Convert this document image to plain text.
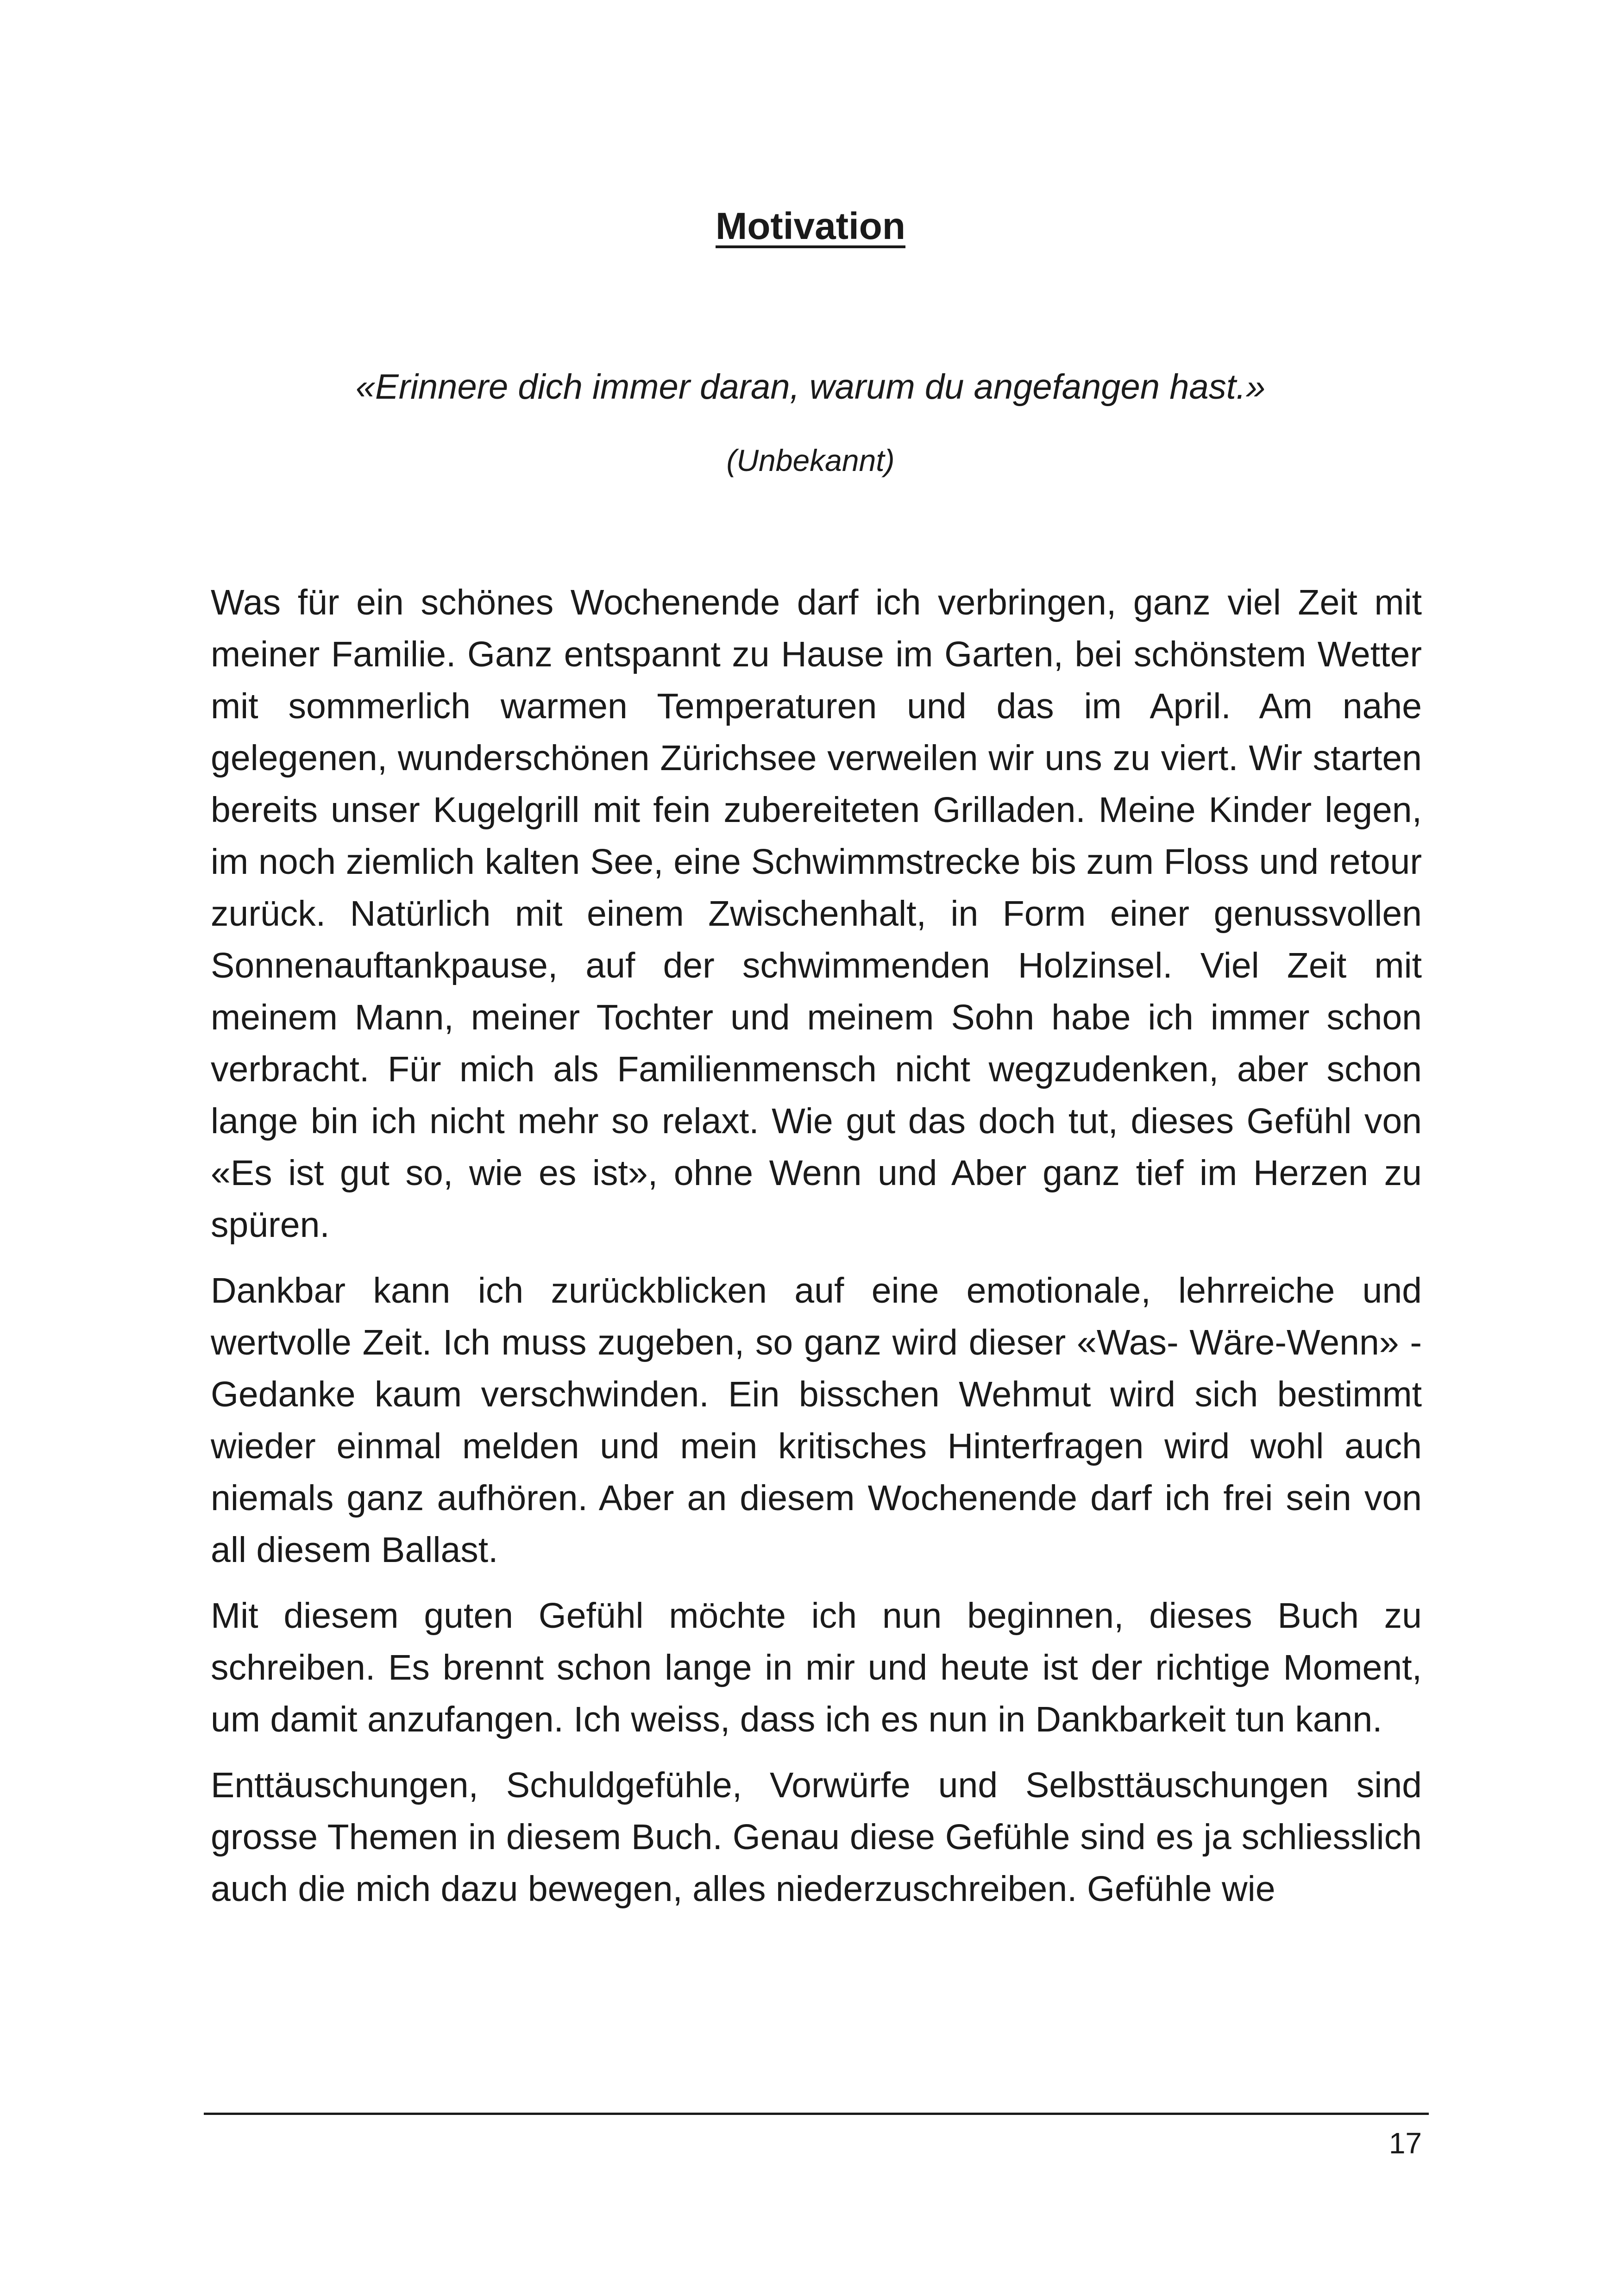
Motivation
«Erinnere dich immer daran, warum du angefangen hast.»
(Unbekannt)

Was für ein schönes Wochenende darf ich verbringen, ganz viel Zeit mit meiner Familie. Ganz entspannt zu Hause im Garten, bei schönstem Wetter mit sommerlich warmen Temperaturen und das im April. Am nahe gelegenen, wunderschönen Zürichsee verweilen wir uns zu viert. Wir starten bereits unser Kugelgrill mit fein zubereiteten Grilladen. Meine Kinder legen, im noch ziemlich kalten See, eine Schwimmstrecke bis zum Floss und retour zurück. Natürlich mit einem Zwischenhalt, in Form einer genussvollen Sonnenauftankpause, auf der schwimmenden Holzinsel. Viel Zeit mit meinem Mann, meiner Tochter und meinem Sohn habe ich immer schon verbracht. Für mich als Familienmensch nicht wegzudenken, aber schon lange bin ich nicht mehr so relaxt. Wie gut das doch tut, dieses Gefühl von «Es ist gut so, wie es ist», ohne Wenn und Aber ganz tief im Herzen zu spüren.

Dankbar kann ich zurückblicken auf eine emotionale, lehrreiche und wertvolle Zeit. Ich muss zugeben, so ganz wird dieser «Was- Wäre-Wenn» - Gedanke kaum verschwinden. Ein bisschen Wehmut wird sich bestimmt wieder einmal melden und mein kritisches Hinterfragen wird wohl auch niemals ganz aufhören. Aber an diesem Wochenende darf ich frei sein von all diesem Ballast.

Mit diesem guten Gefühl möchte ich nun beginnen, dieses Buch zu schreiben. Es brennt schon lange in mir und heute ist der richtige Moment, um damit anzufangen. Ich weiss, dass ich es nun in Dankbarkeit tun kann.

Enttäuschungen, Schuldgefühle, Vorwürfe und Selbsttäuschungen sind grosse Themen in diesem Buch. Genau diese Gefühle sind es ja schliesslich auch die mich dazu bewegen, alles niederzuschreiben. Gefühle wie

17
